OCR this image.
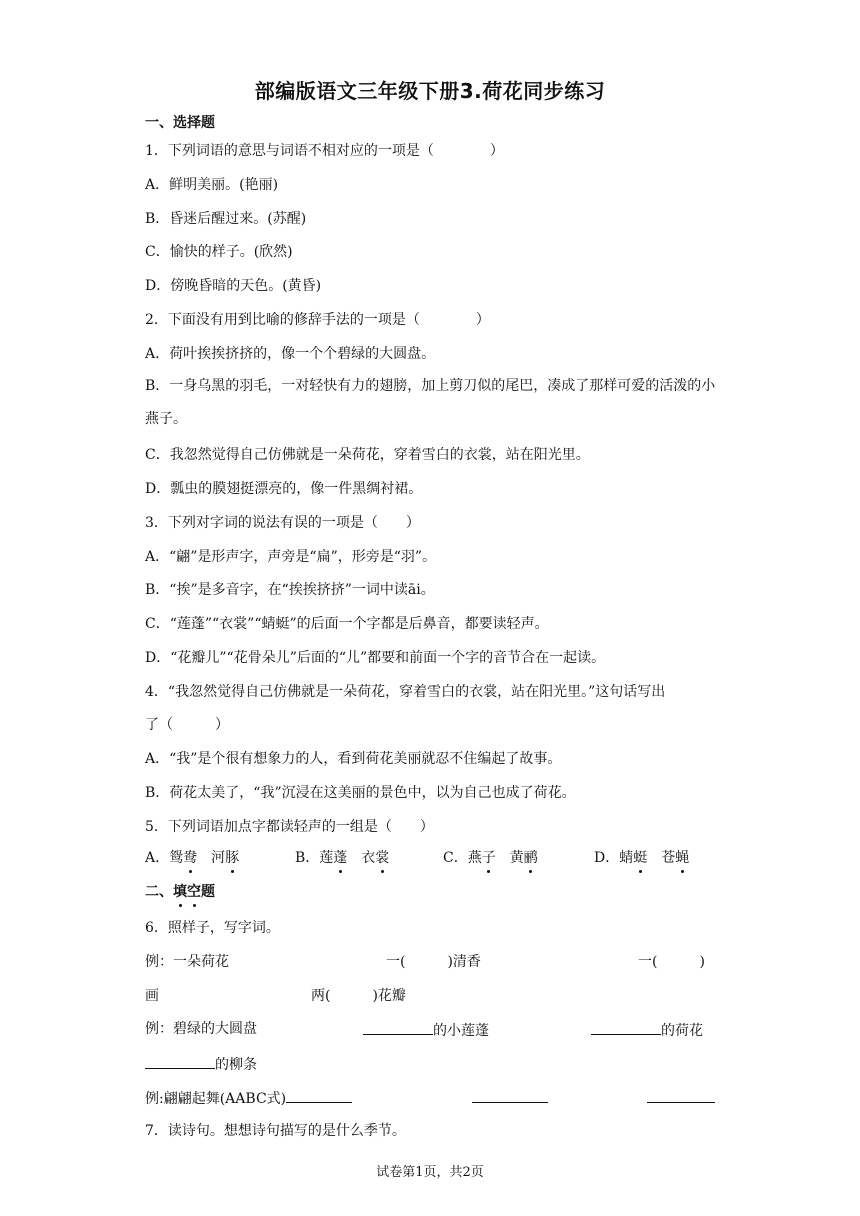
部编版语文三年级下册3.荷花同步练习
一、选择题
1．下列词语的意思与词语不相对应的一项是（　　　　）
A．鲜明美丽。(艳丽)
B．昏迷后醒过来。(苏醒)
C．愉快的样子。(欣然)
D．傍晚昏暗的天色。(黄昏)
2．下面没有用到比喻的修辞手法的一项是（　　　　）
A．荷叶挨挨挤挤的，像一个个碧绿的大圆盘。
B．一身乌黑的羽毛，一对轻快有力的翅膀，加上剪刀似的尾巴，凑成了那样可爱的活泼的小燕子。
C．我忽然觉得自己仿佛就是一朵荷花，穿着雪白的衣裳，站在阳光里。
D．瓢虫的膜翅挺漂亮的，像一件黑绸衬裙。
3．下列对字词的说法有误的一项是（　　）
A．“翩”是形声字，声旁是“扁”，形旁是“羽”。
B．“挨”是多音字，在“挨挨挤挤”一词中读āi。
C．“莲蓬”“衣裳”“蜻蜓”的后面一个字都是后鼻音，都要读轻声。
D．“花瓣儿”“花骨朵儿”后面的“儿”都要和前面一个字的音节合在一起读。
4．“我忽然觉得自己仿佛就是一朵荷花，穿着雪白的衣裳，站在阳光里。”这句话写出
了（　　　）
A．“我”是个很有想象力的人，看到荷花美丽就忍不住编起了故事。
B．荷花太美了，“我”沉浸在这美丽的景色中，以为自己也成了荷花。
5．下列词语加点字都读轻声的一组是（　　）
A．鸳鸯　 河豚	B．莲蓬　 衣裳	C．燕子　 黄鹂	D．蜻蜓　 苍蝇
二、填空题
6．照样子，写字词。
例：一朵荷花	一(　　　)清香	一(　　　)
画	两(　　　)花瓣
例：碧绿的大圆盘	的小莲蓬	的荷花
的柳条
例:翩翩起舞(AABC式)
7．读诗句。想想诗句描写的是什么季节。
试卷第1页，共2页
